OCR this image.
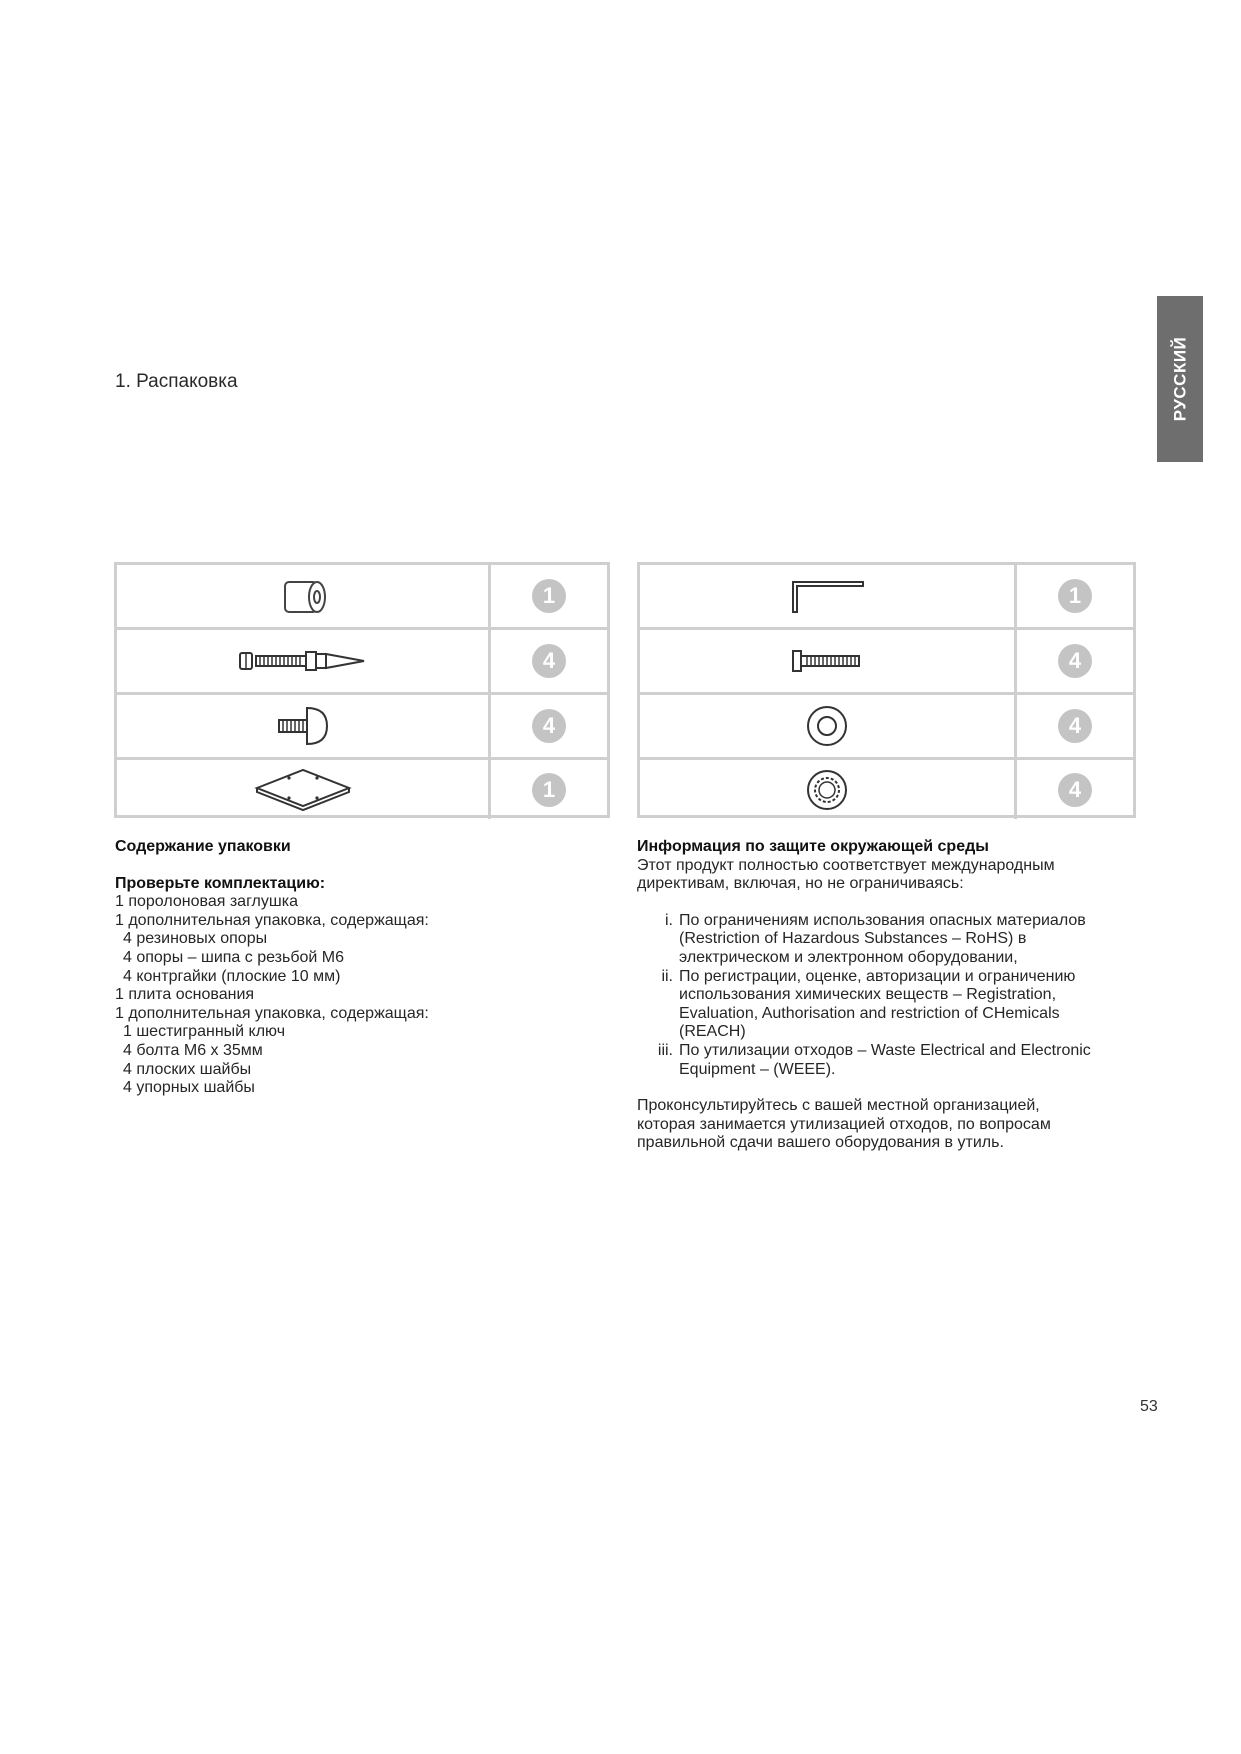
РУССКИЙ
1. Распаковка
1
4
4
1
1
4
4
4
Содержание упаковки
Проверьте комплектацию:
1 поролоновая заглушка
1 дополнительная упаковка, содержащая:
4 резиновых опоры
4 опоры – шипа с резьбой M6
4 контргайки (плоские 10 мм)
1 плита основания
1 дополнительная упаковка, содержащая:
1 шестигранный ключ
4 болта M6 x 35мм
4 плоских шайбы
4 упорных шайбы
Информация по защите окружающей среды
Этот продукт полностью соответствует международным
директивам, включая, но не ограничиваясь:
i. По ограничениям использования опасных материалов
(Restriction of Hazardous Substances – RoHS) в
электрическом и электронном оборудовании,
ii. По регистрации, оценке, авторизации и ограничению
использования химических веществ – Registration,
Evaluation, Authorisation and restriction of CHemicals
(REACH)
iii. По утилизации отходов – Waste Electrical and Electronic
Equipment – (WEEE).
Проконсультируйтесь с вашей местной организацией,
которая занимается утилизацией отходов, по вопросам
правильной сдачи вашего оборудования в утиль.
53
